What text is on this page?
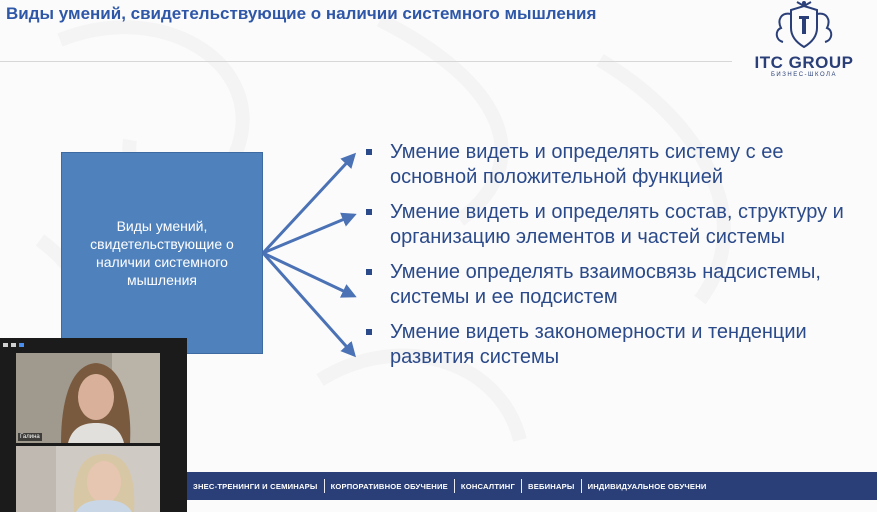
Виды умений, свидетельствующие о наличии системного мышления
ITC GROUP
БИЗНЕС-ШКОЛА
Виды умений, свидетельствующие о наличии системного мышления
Умение видеть и определять систему с ее основной положительной функцией
Умение видеть и определять состав, структуру и организацию элементов и частей системы
Умение определять взаимосвязь надсистемы, системы и ее подсистем
Умение видеть закономерности и тенденции развития системы
ЗНЕС-ТРЕНИНГИ И СЕМИНАРЫ	КОРПОРАТИВНОЕ ОБУЧЕНИЕ	КОНСАЛТИНГ	ВЕБИНАРЫ	ИНДИВИДУАЛЬНОЕ ОБУЧЕНИ
Галина
